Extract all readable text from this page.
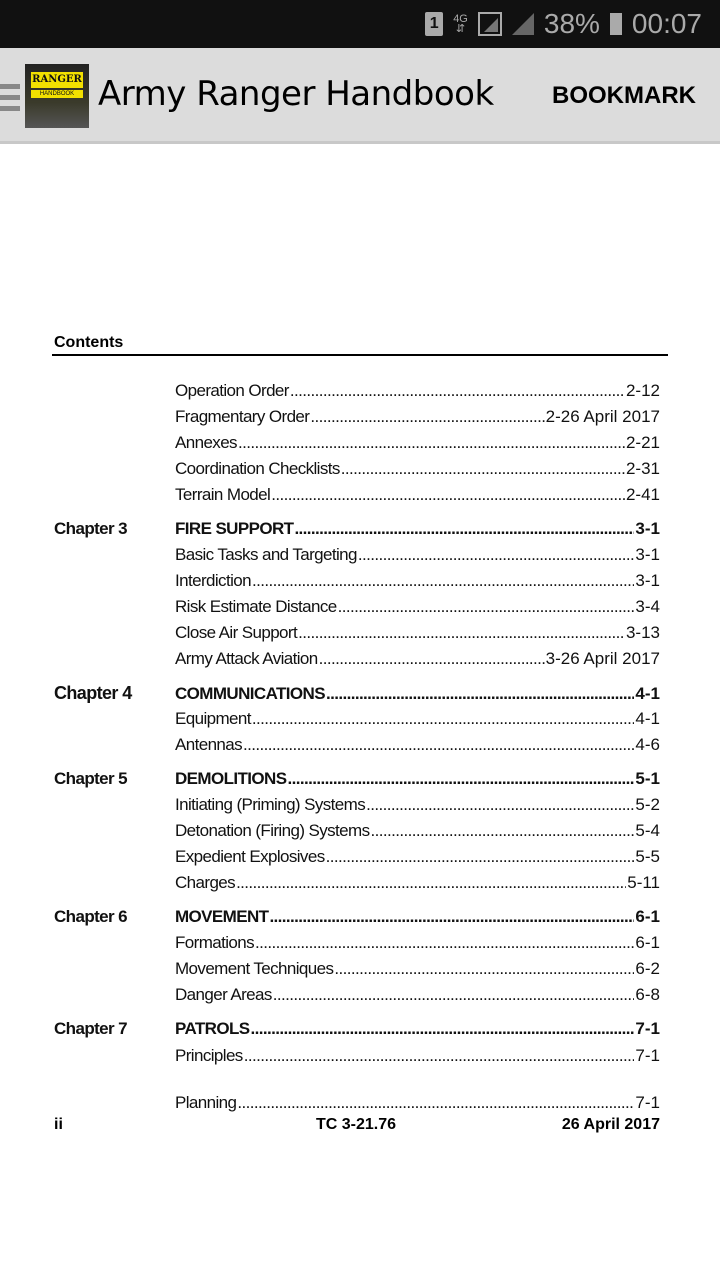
1	4G
⇵	38% 00:07
RANGER
HANDBOOK Army Ranger Handbook BOOKMARK
Contents
Operation Order .....	2-12
Fragmentary Order .....	2-26 April 2017
Annexes .....	2-21
Coordination Checklists .....	2-31
Terrain Model .....	2-41
Chapter 3	FIRE SUPPORT .....	3-1
Basic Tasks and Targeting .....	3-1
Interdiction .....	3-1
Risk Estimate Distance .....	3-4
Close Air Support .....	3-13
Army Attack Aviation .....	3-26 April 2017
Chapter 4	COMMUNICATIONS .....	4-1
Equipment .....	4-1
Antennas .....	4-6
Chapter 5	DEMOLITIONS .....	5-1
Initiating (Priming) Systems .....	5-2
Detonation (Firing) Systems .....	5-4
Expedient Explosives .....	5-5
Charges .....	5-11
Chapter 6	MOVEMENT .....	6-1
Formations .....	6-1
Movement Techniques .....	6-2
Danger Areas .....	6-8
Chapter 7	PATROLS .....	7-1
Principles .....	7-1
Planning .....	7-1
ii	TC 3-21.76	26 April 2017
